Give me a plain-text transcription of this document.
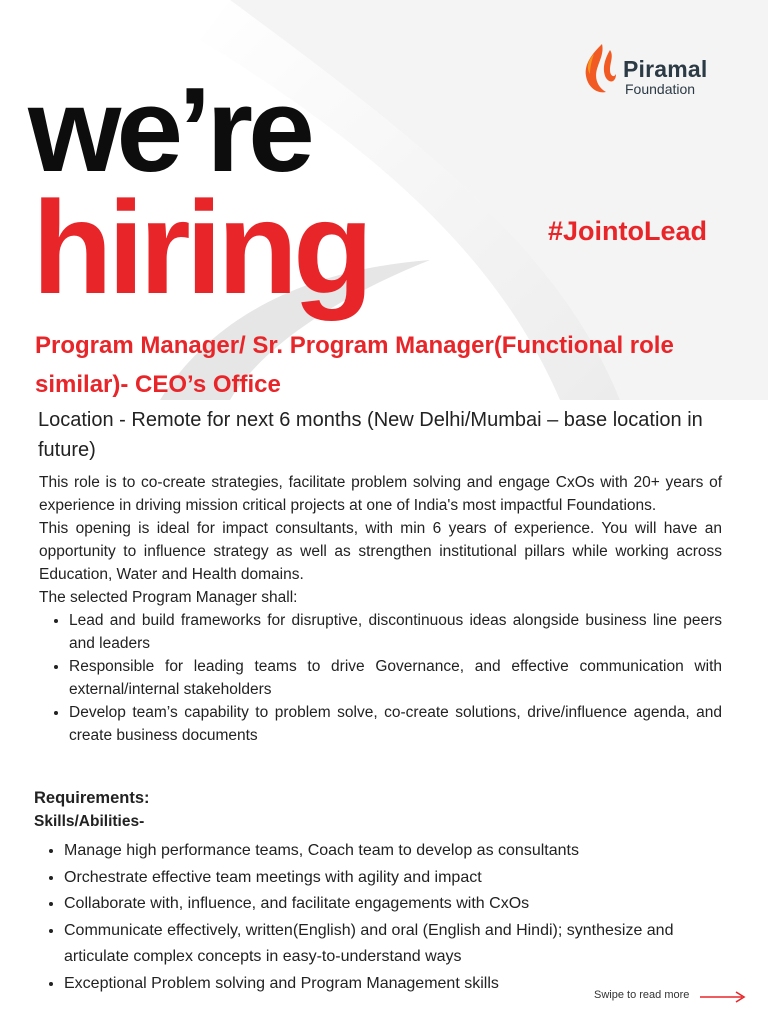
Piramal
Foundation
we’re
hiring	#JointoLead
Program Manager/ Sr. Program Manager(Functional role similar)- CEO’s Office

Location - Remote for next 6 months (New Delhi/Mumbai – base location in future)

This role is to co-create strategies, facilitate problem solving and engage CxOs with 20+ years of experience in driving mission critical projects at one of India's most impactful Foundations.

This opening is ideal for impact consultants, with min 6 years of experience. You will have an opportunity to influence strategy as well as strengthen institutional pillars while working across Education, Water and Health domains.

The selected Program Manager shall:

• Lead and build frameworks for disruptive, discontinuous ideas alongside business line peers and leaders
• Responsible for leading teams to drive Governance, and effective communication with external/internal stakeholders
• Develop team’s capability to problem solve, co-create solutions, drive/influence agenda, and create business documents

Requirements:

Skills/Abilities-

• Manage high performance teams, Coach team to develop as consultants
• Orchestrate effective team meetings with agility and impact
• Collaborate with, influence, and facilitate engagements with CxOs
• Communicate effectively, written(English) and oral (English and Hindi); synthesize and articulate complex concepts in easy-to-understand ways
• Exceptional Problem solving and Program Management skills
Swipe to read more
